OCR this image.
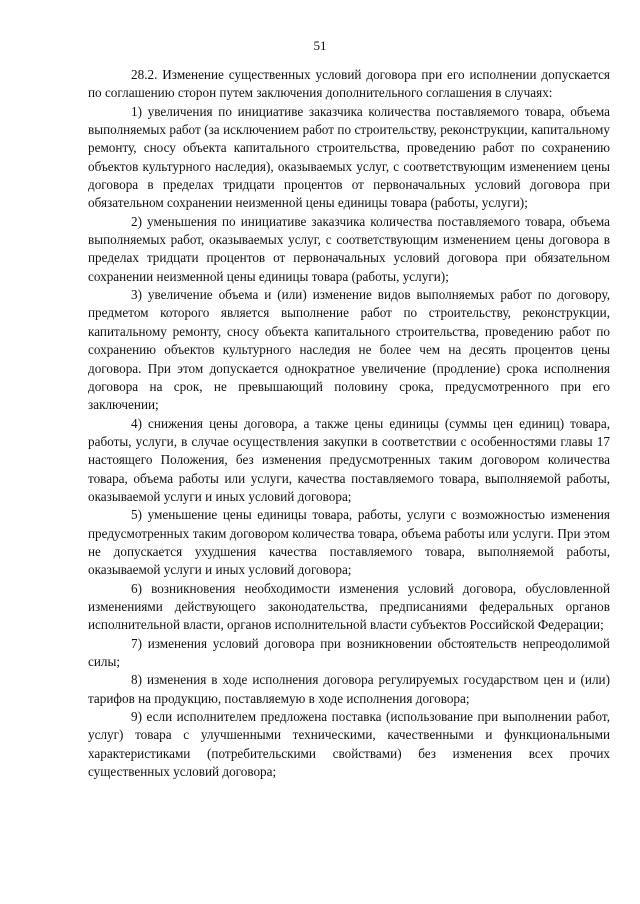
51

28.2. Изменение существенных условий договора при его исполнении допускается по соглашению сторон путем заключения дополнительного соглашения в случаях:

1) увеличения по инициативе заказчика количества поставляемого товара, объема выполняемых работ (за исключением работ по строительству, реконструкции, капитальному ремонту, сносу объекта капитального строительства, проведению работ по сохранению объектов культурного наследия), оказываемых услуг, с соответствующим изменением цены договора в пределах тридцати процентов от первоначальных условий договора при обязательном сохранении неизменной цены единицы товара (работы, услуги);

2) уменьшения по инициативе заказчика количества поставляемого товара, объема выполняемых работ, оказываемых услуг, с соответствующим изменением цены договора в пределах тридцати процентов от первоначальных условий договора при обязательном сохранении неизменной цены единицы товара (работы, услуги);

3) увеличение объема и (или) изменение видов выполняемых работ по договору, предметом которого является выполнение работ по строительству, реконструкции, капитальному ремонту, сносу объекта капитального строительства, проведению работ по сохранению объектов культурного наследия не более чем на десять процентов цены договора. При этом допускается однократное увеличение (продление) срока исполнения договора на срок, не превышающий половину срока, предусмотренного при его заключении;

4) снижения цены договора, а также цены единицы (суммы цен единиц) товара, работы, услуги, в случае осуществления закупки в соответствии с особенностями главы 17 настоящего Положения, без изменения предусмотренных таким договором количества товара, объема работы или услуги, качества поставляемого товара, выполняемой работы, оказываемой услуги и иных условий договора;

5) уменьшение цены единицы товара, работы, услуги с возможностью изменения предусмотренных таким договором количества товара, объема работы или услуги. При этом не допускается ухудшения качества поставляемого товара, выполняемой работы, оказываемой услуги и иных условий договора;

6) возникновения необходимости изменения условий договора, обусловленной изменениями действующего законодательства, предписаниями федеральных органов исполнительной власти, органов исполнительной власти субъектов Российской Федерации;

7) изменения условий договора при возникновении обстоятельств непреодолимой силы;

8) изменения в ходе исполнения договора регулируемых государством цен и (или) тарифов на продукцию, поставляемую в ходе исполнения договора;

9) если исполнителем предложена поставка (использование при выполнении работ, услуг) товара с улучшенными техническими, качественными и функциональными характеристиками (потребительскими свойствами) без изменения всех прочих существенных условий договора;
